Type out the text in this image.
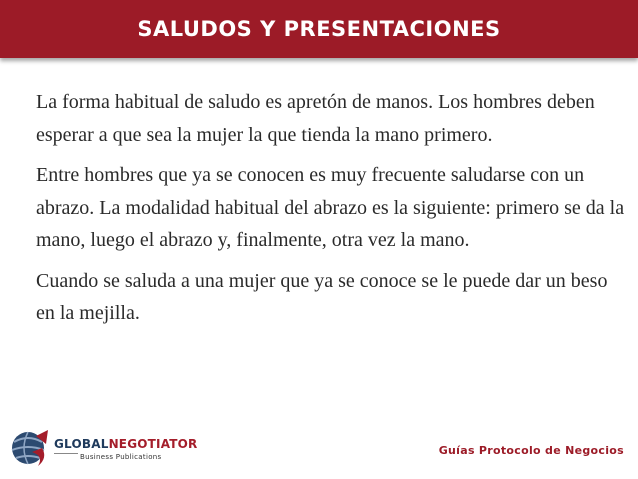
SALUDOS Y PRESENTACIONES

La forma habitual de saludo es apretón de manos. Los hombres deben esperar a que sea la mujer la que tienda la mano primero.

Entre hombres que ya se conocen es muy frecuente saludarse con un abrazo. La modalidad habitual del abrazo es la siguiente: primero se da la mano, luego el abrazo y, finalmente, otra vez la mano.

Cuando se saluda a una mujer que ya se conoce se le puede dar un beso en la mejilla.

GLOBALNEGOTIATOR
Business Publications	Guías Protocolo de Negocios
